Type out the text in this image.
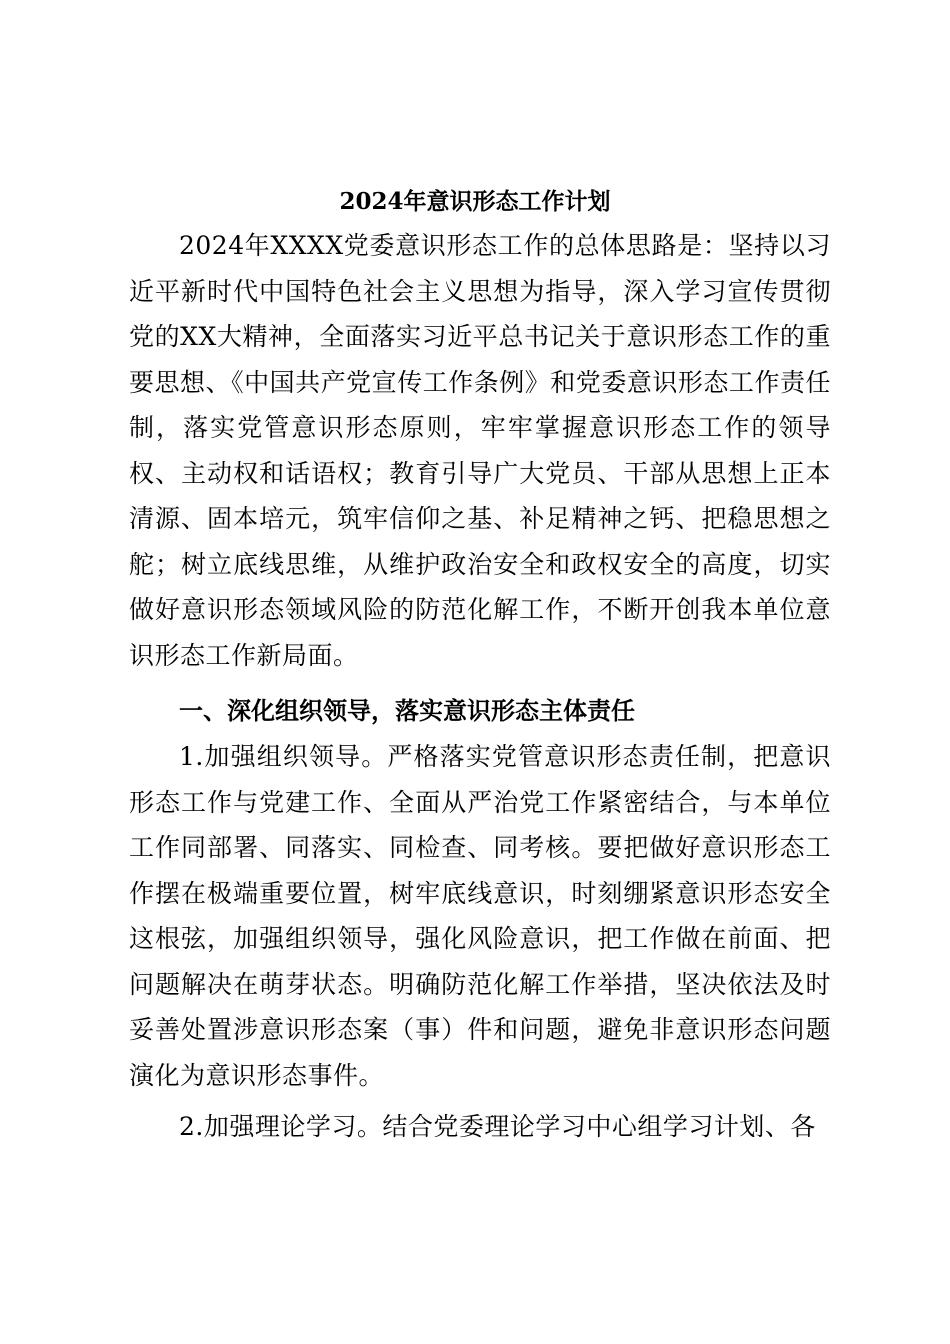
2024年意识形态工作计划

2024年XXXX党委意识形态工作的总体思路是：坚持以习近平新时代中国特色社会主义思想为指导，深入学习宣传贯彻党的XX大精神，全面落实习近平总书记关于意识形态工作的重要思想、《中国共产党宣传工作条例》和党委意识形态工作责任制，落实党管意识形态原则，牢牢掌握意识形态工作的领导权、主动权和话语权；教育引导广大党员、干部从思想上正本清源、固本培元，筑牢信仰之基、补足精神之钙、把稳思想之舵；树立底线思维，从维护政治安全和政权安全的高度，切实做好意识形态领域风险的防范化解工作，不断开创我本单位意识形态工作新局面。

一、深化组织领导，落实意识形态主体责任

1.加强组织领导。严格落实党管意识形态责任制，把意识形态工作与党建工作、全面从严治党工作紧密结合，与本单位工作同部署、同落实、同检查、同考核。要把做好意识形态工作摆在极端重要位置，树牢底线意识，时刻绷紧意识形态安全这根弦，加强组织领导，强化风险意识，把工作做在前面、把问题解决在萌芽状态。明确防范化解工作举措，坚决依法及时妥善处置涉意识形态案（事）件和问题，避免非意识形态问题演化为意识形态事件。

2.加强理论学习。结合党委理论学习中心组学习计划、各
